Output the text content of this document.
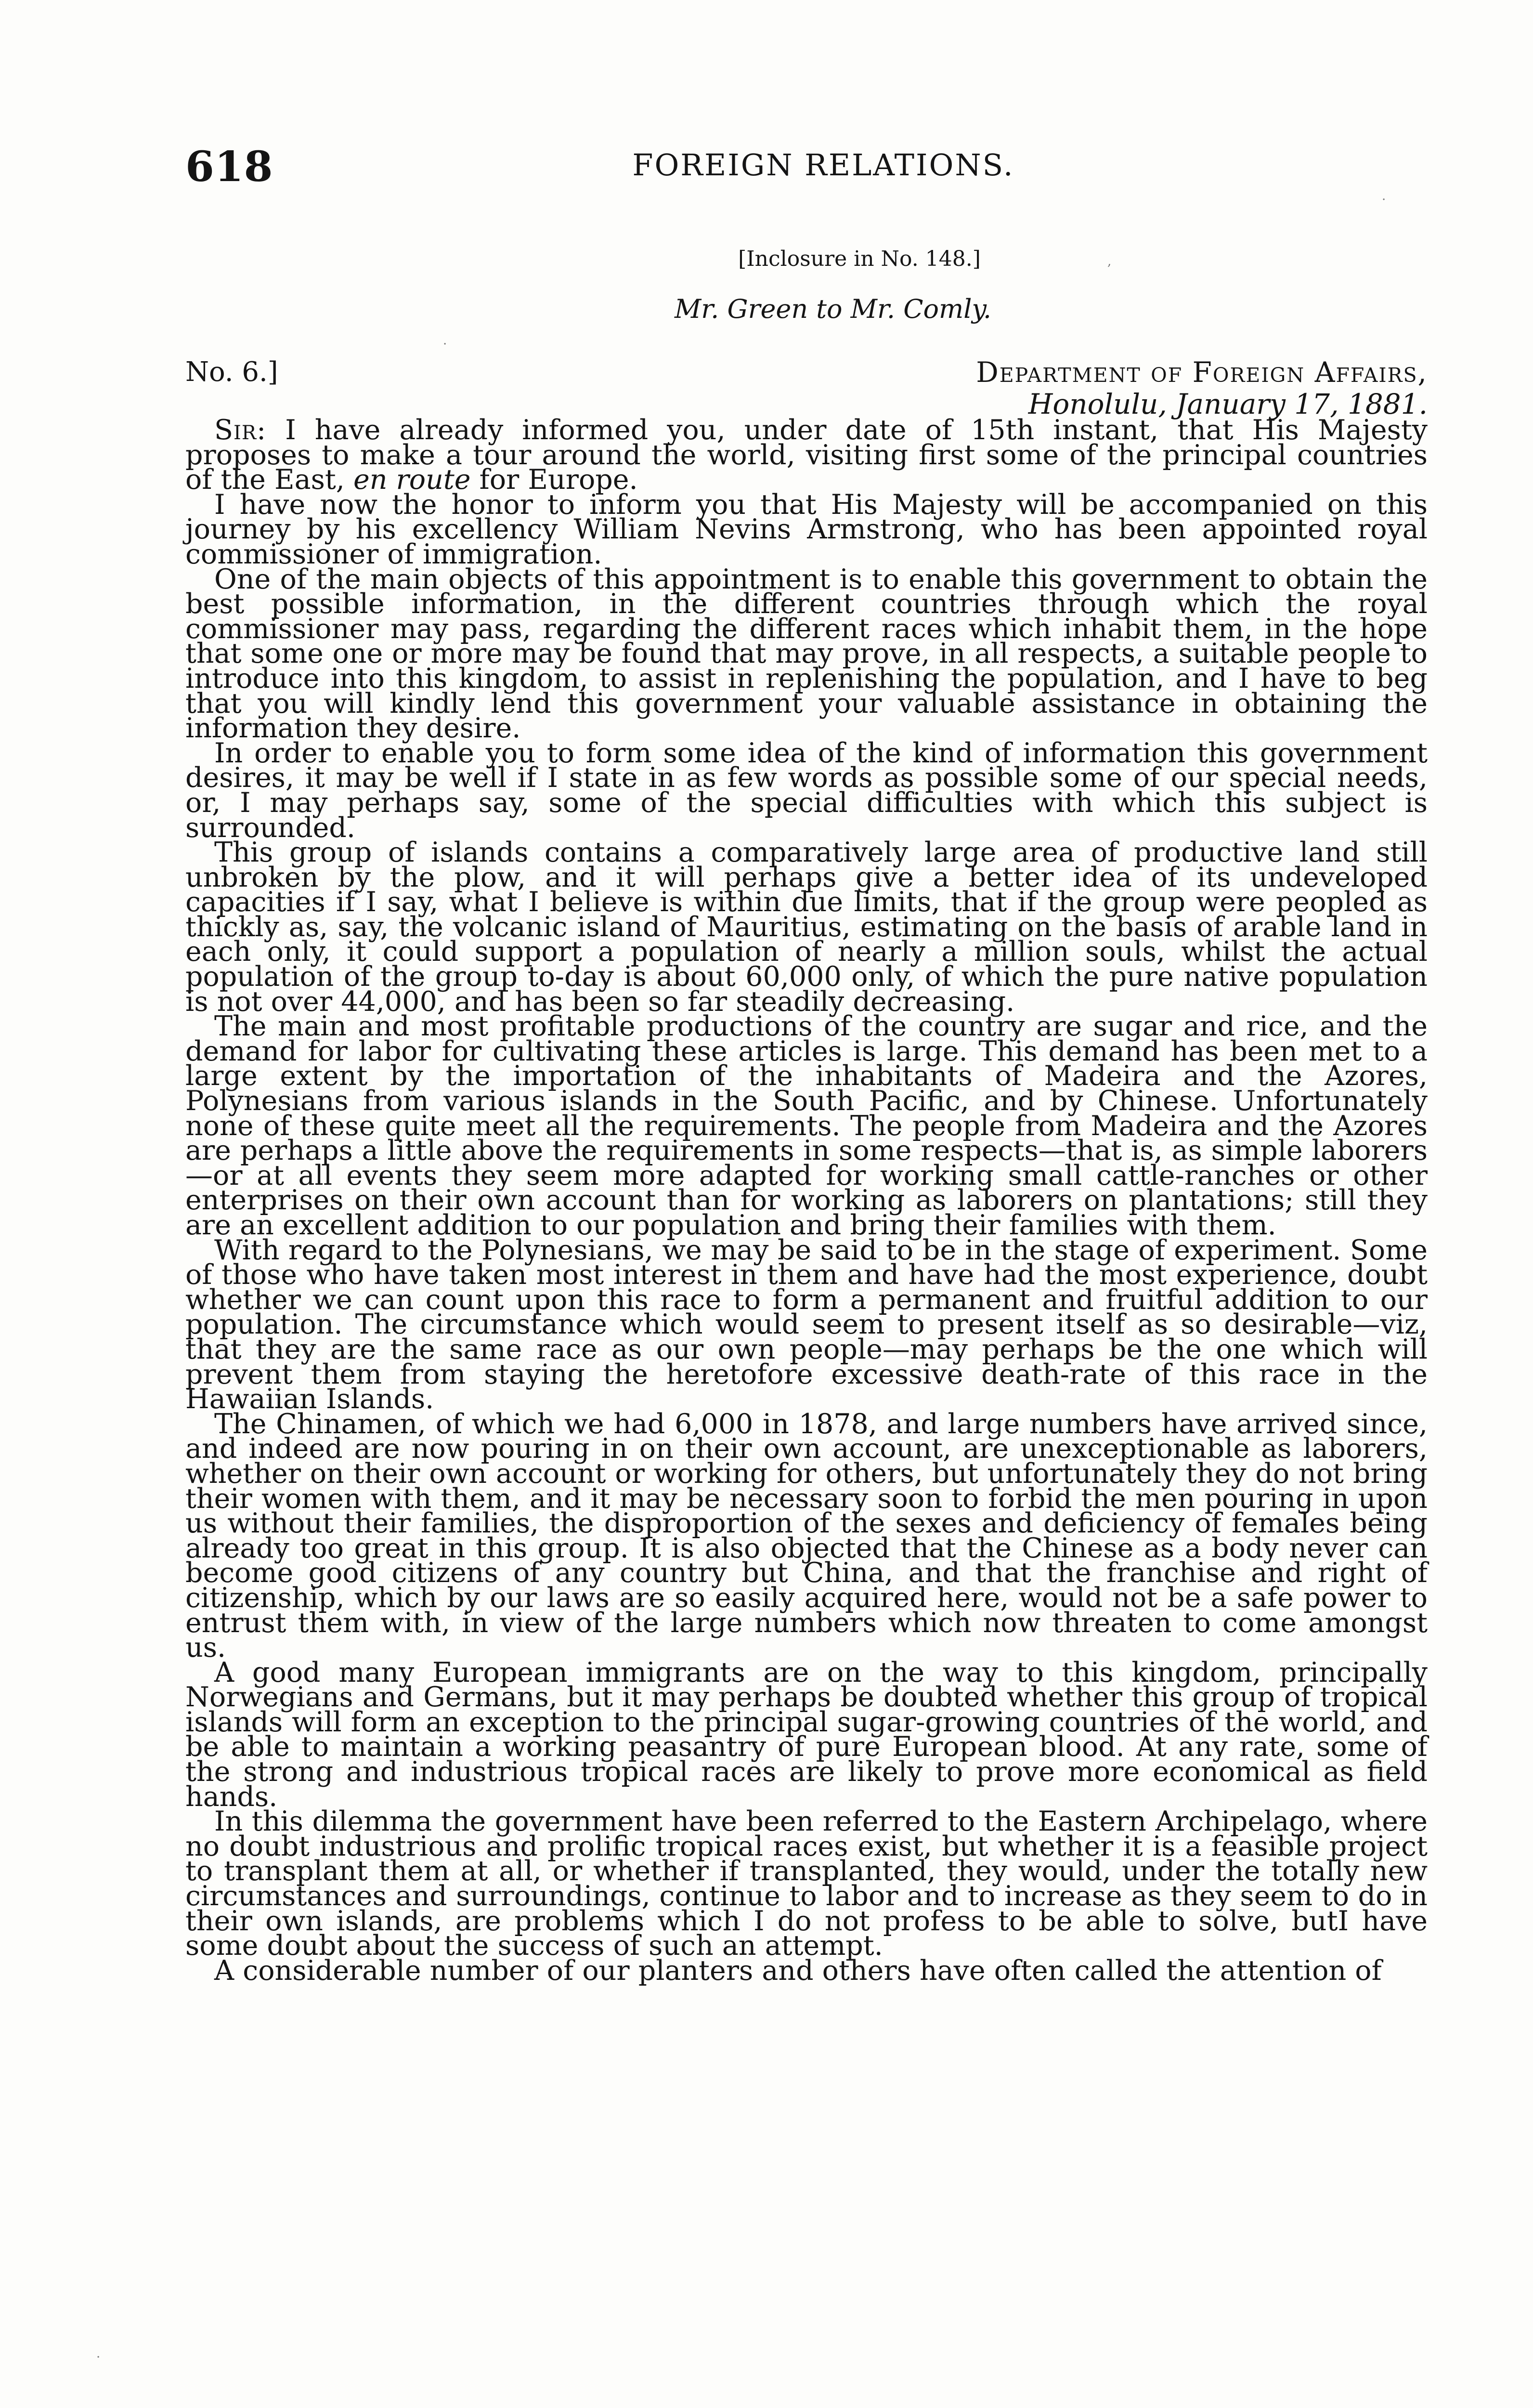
618	FOREIGN RELATIONS.
[Inclosure in No. 148.]
Mr. Green to Mr. Comly.
No. 6.]	Department of Foreign Affairs,
Honolulu, January 17, 1881.

Sir: I have already informed you, under date of 15th instant, that His Majesty proposes to make a tour around the world, visiting first some of the principal countries of the East, en route for Europe.

I have now the honor to inform you that His Majesty will be accompanied on this journey by his excellency William Nevins Armstrong, who has been appointed royal commissioner of immigration.

One of the main objects of this appointment is to enable this government to obtain the best possible information, in the different countries through which the royal commissioner may pass, regarding the different races which inhabit them, in the hope that some one or more may be found that may prove, in all respects, a suitable people to introduce into this kingdom, to assist in replenishing the population, and I have to beg that you will kindly lend this government your valuable assistance in obtaining the information they desire.

In order to enable you to form some idea of the kind of information this government desires, it may be well if I state in as few words as possible some of our special needs, or, I may perhaps say, some of the special difficulties with which this subject is surrounded.

This group of islands contains a comparatively large area of productive land still unbroken by the plow, and it will perhaps give a better idea of its undeveloped capacities if I say, what I believe is within due limits, that if the group were peopled as thickly as, say, the volcanic island of Mauritius, estimating on the basis of arable land in each only, it could support a population of nearly a million souls, whilst the actual population of the group to-day is about 60,000 only, of which the pure native population is not over 44,000, and has been so far steadily decreasing.

The main and most profitable productions of the country are sugar and rice, and the demand for labor for cultivating these articles is large. This demand has been met to a large extent by the importation of the inhabitants of Madeira and the Azores, Polynesians from various islands in the South Pacific, and by Chinese. Unfortunately none of these quite meet all the requirements. The people from Madeira and the Azores are perhaps a little above the requirements in some respects—that is, as simple laborers—or at all events they seem more adapted for working small cattle-ranches or other enterprises on their own account than for working as laborers on plantations; still they are an excellent addition to our population and bring their families with them.

With regard to the Polynesians, we may be said to be in the stage of experiment. Some of those who have taken most interest in them and have had the most experience, doubt whether we can count upon this race to form a permanent and fruitful addition to our population. The circumstance which would seem to present itself as so desirable—viz, that they are the same race as our own people—may perhaps be the one which will prevent them from staying the heretofore excessive death-rate of this race in the Hawaiian Islands.

The Chinamen, of which we had 6,000 in 1878, and large numbers have arrived since, and indeed are now pouring in on their own account, are unexceptionable as laborers, whether on their own account or working for others, but unfortunately they do not bring their women with them, and it may be necessary soon to forbid the men pouring in upon us without their families, the disproportion of the sexes and deficiency of females being already too great in this group. It is also objected that the Chinese as a body never can become good citizens of any country but China, and that the franchise and right of citizenship, which by our laws are so easily acquired here, would not be a safe power to entrust them with, in view of the large numbers which now threaten to come amongst us.

A good many European immigrants are on the way to this kingdom, principally Norwegians and Germans, but it may perhaps be doubted whether this group of tropical islands will form an exception to the principal sugar-growing countries of the world, and be able to maintain a working peasantry of pure European blood. At any rate, some of the strong and industrious tropical races are likely to prove more economical as field hands.

In this dilemma the government have been referred to the Eastern Archipelago, where no doubt industrious and prolific tropical races exist, but whether it is a feasible project to transplant them at all, or whether if transplanted, they would, under the totally new circumstances and surroundings, continue to labor and to increase as they seem to do in their own islands, are problems which I do not profess to be able to solve, butI have some doubt about the success of such an attempt.

A considerable number of our planters and others have often called the attention of

·
·
,
·
